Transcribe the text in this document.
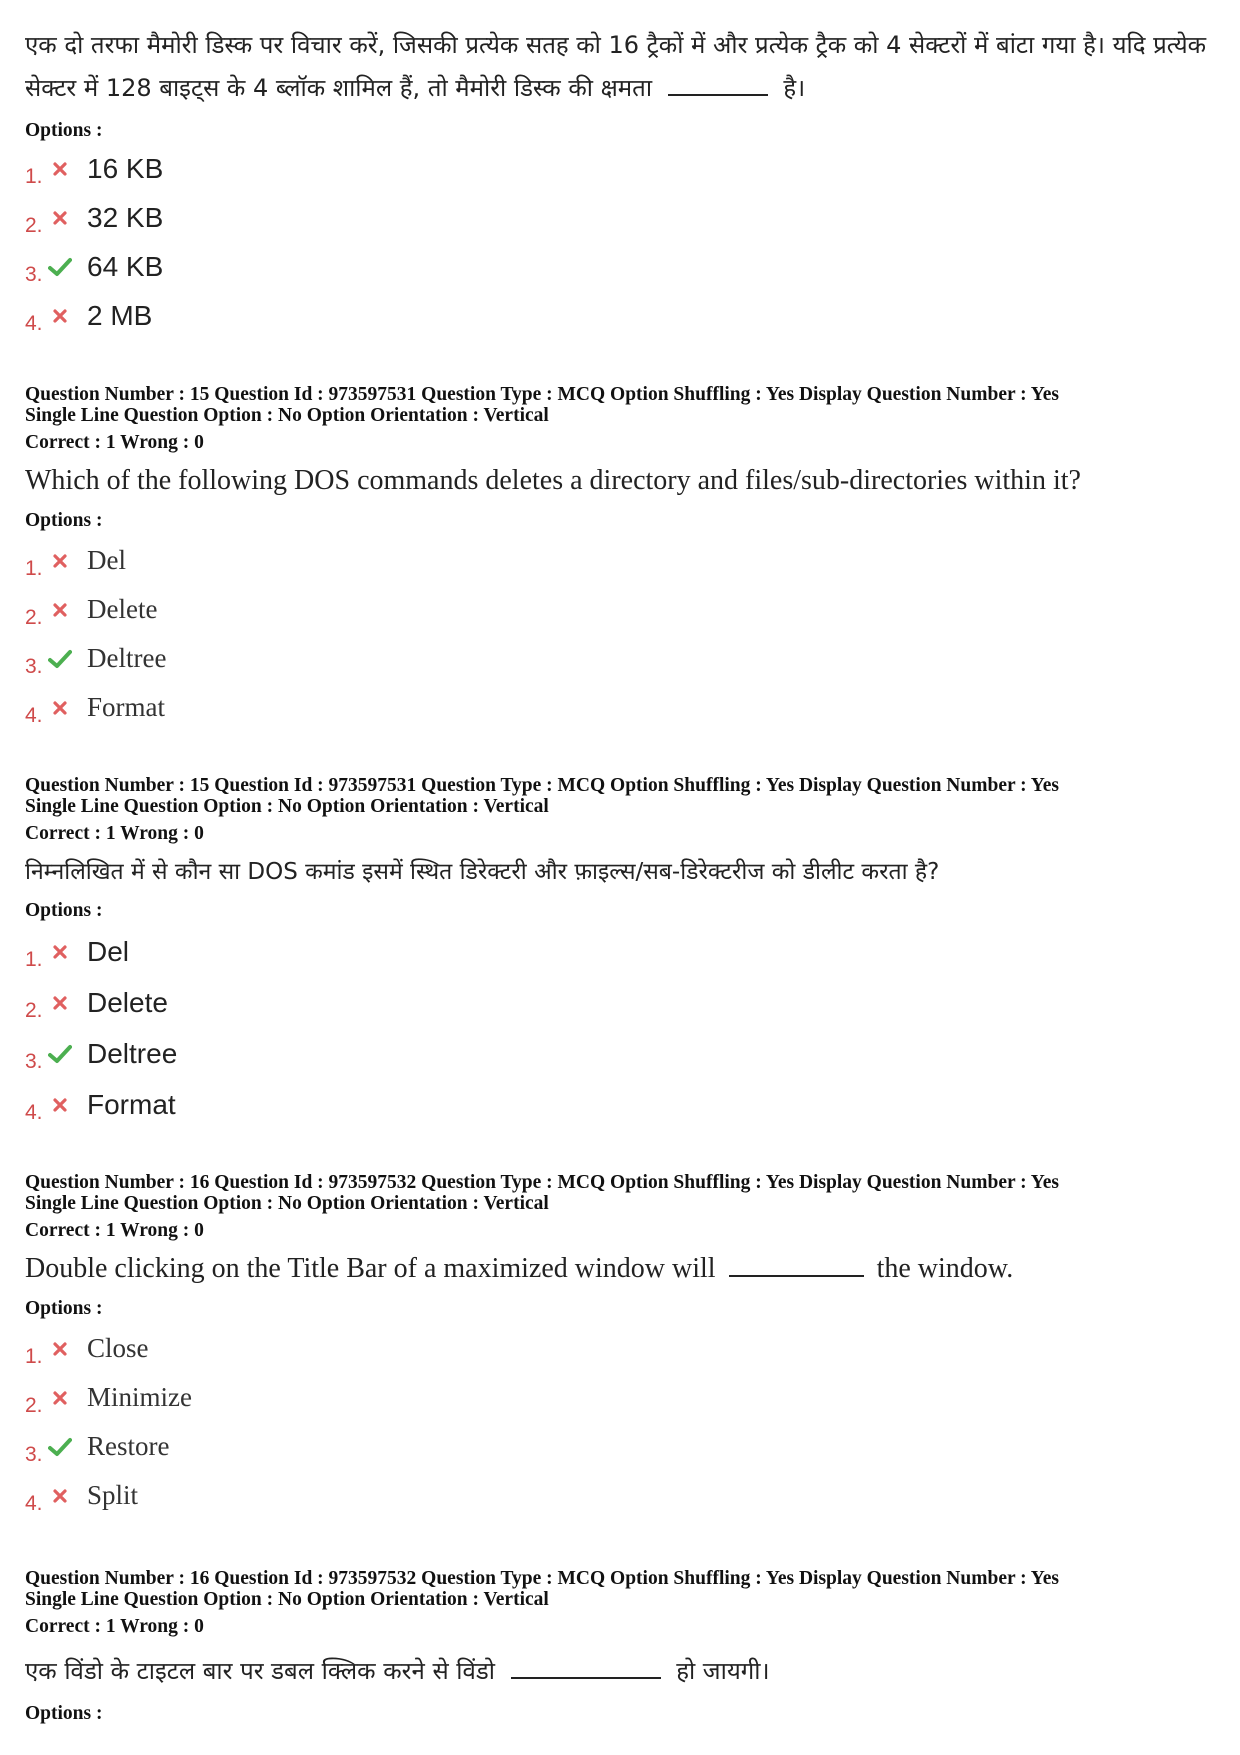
एक दो तरफा मैमोरी डिस्क पर विचार करें, जिसकी प्रत्येक सतह को 16 ट्रैकों में और प्रत्येक ट्रैक को 4 सेक्टरों में बांटा गया है। यदि प्रत्येक सेक्टर में 128 बाइट्स के 4 ब्लॉक शामिल हैं, तो मैमोरी डिस्क की क्षमता	है।
Options :
1. 16 KB
2. 32 KB
3. 64 KB
4. 2 MB
Question Number : 15 Question Id : 973597531 Question Type : MCQ Option Shuffling : Yes Display Question Number : Yes
Single Line Question Option : No Option Orientation : Vertical
Correct : 1 Wrong : 0
Which of the following DOS commands deletes a directory and files/sub-directories within it?
Options :
1. Del
2. Delete
3. Deltree
4. Format
Question Number : 15 Question Id : 973597531 Question Type : MCQ Option Shuffling : Yes Display Question Number : Yes
Single Line Question Option : No Option Orientation : Vertical
Correct : 1 Wrong : 0
निम्नलिखित में से कौन सा DOS कमांड इसमें स्थित डिरेक्टरी और फ़ाइल्स/सब-डिरेक्टरीज को डीलीट करता है?
Options :
1. Del
2. Delete
3. Deltree
4. Format
Question Number : 16 Question Id : 973597532 Question Type : MCQ Option Shuffling : Yes Display Question Number : Yes
Single Line Question Option : No Option Orientation : Vertical
Correct : 1 Wrong : 0
Double clicking on the Title Bar of a maximized window will	the window.
Options :
1. Close
2. Minimize
3. Restore
4. Split
Question Number : 16 Question Id : 973597532 Question Type : MCQ Option Shuffling : Yes Display Question Number : Yes
Single Line Question Option : No Option Orientation : Vertical
Correct : 1 Wrong : 0
एक विंडो के टाइटल बार पर डबल क्लिक करने से विंडो	हो जायगी।
Options :
